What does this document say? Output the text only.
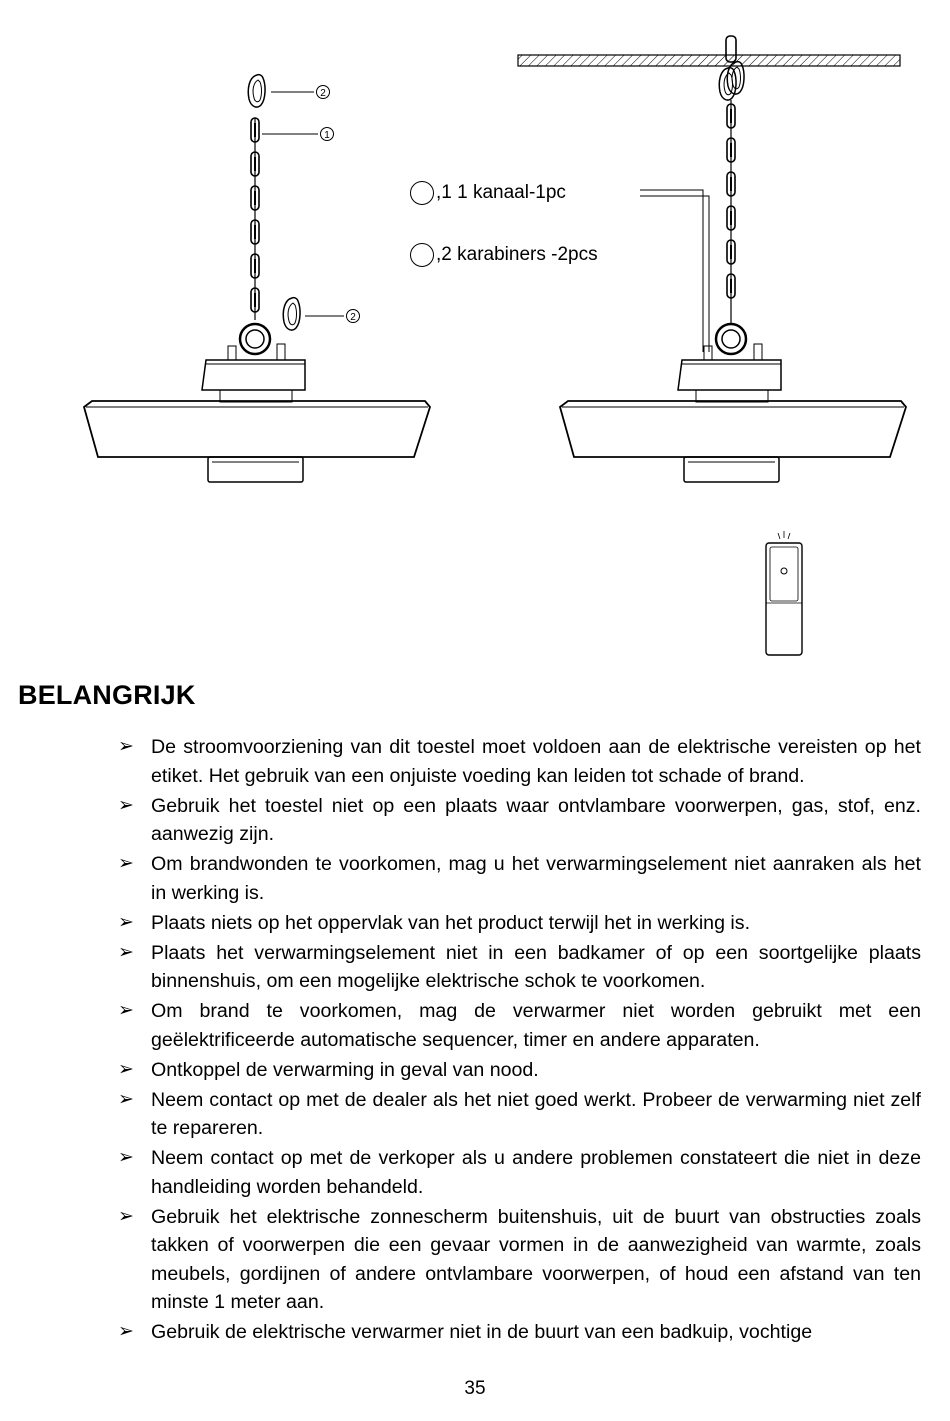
2
1
2
,1 1 kanaal-1pc
,2 karabiners -2pcs
BELANGRIJK
➢ De stroomvoorziening van dit toestel moet voldoen aan de elektrische vereisten op het etiket. Het gebruik van een onjuiste voeding kan leiden tot schade of brand.
➢ Gebruik het toestel niet op een plaats waar ontvlambare voorwerpen, gas, stof, enz. aanwezig zijn.
➢ Om brandwonden te voorkomen, mag u het verwarmingselement niet aanraken als het in werking is.
➢ Plaats niets op het oppervlak van het product terwijl het in werking is.
➢ Plaats het verwarmingselement niet in een badkamer of op een soortgelijke plaats binnenshuis, om een mogelijke elektrische schok te voorkomen.
➢ Om brand te voorkomen, mag de verwarmer niet worden gebruikt met een geëlektrificeerde automatische sequencer, timer en andere apparaten.
➢ Ontkoppel de verwarming in geval van nood.
➢ Neem contact op met de dealer als het niet goed werkt. Probeer de verwarming niet zelf te repareren.
➢ Neem contact op met de verkoper als u andere problemen constateert die niet in deze handleiding worden behandeld.
➢ Gebruik het elektrische zonnescherm buitenshuis, uit de buurt van obstructies zoals takken of voorwerpen die een gevaar vormen in de aanwezigheid van warmte, zoals meubels, gordijnen of andere ontvlambare voorwerpen, of houd een afstand van ten minste 1 meter aan.
➢ Gebruik de elektrische verwarmer niet in de buurt van een badkuip, vochtige
35
